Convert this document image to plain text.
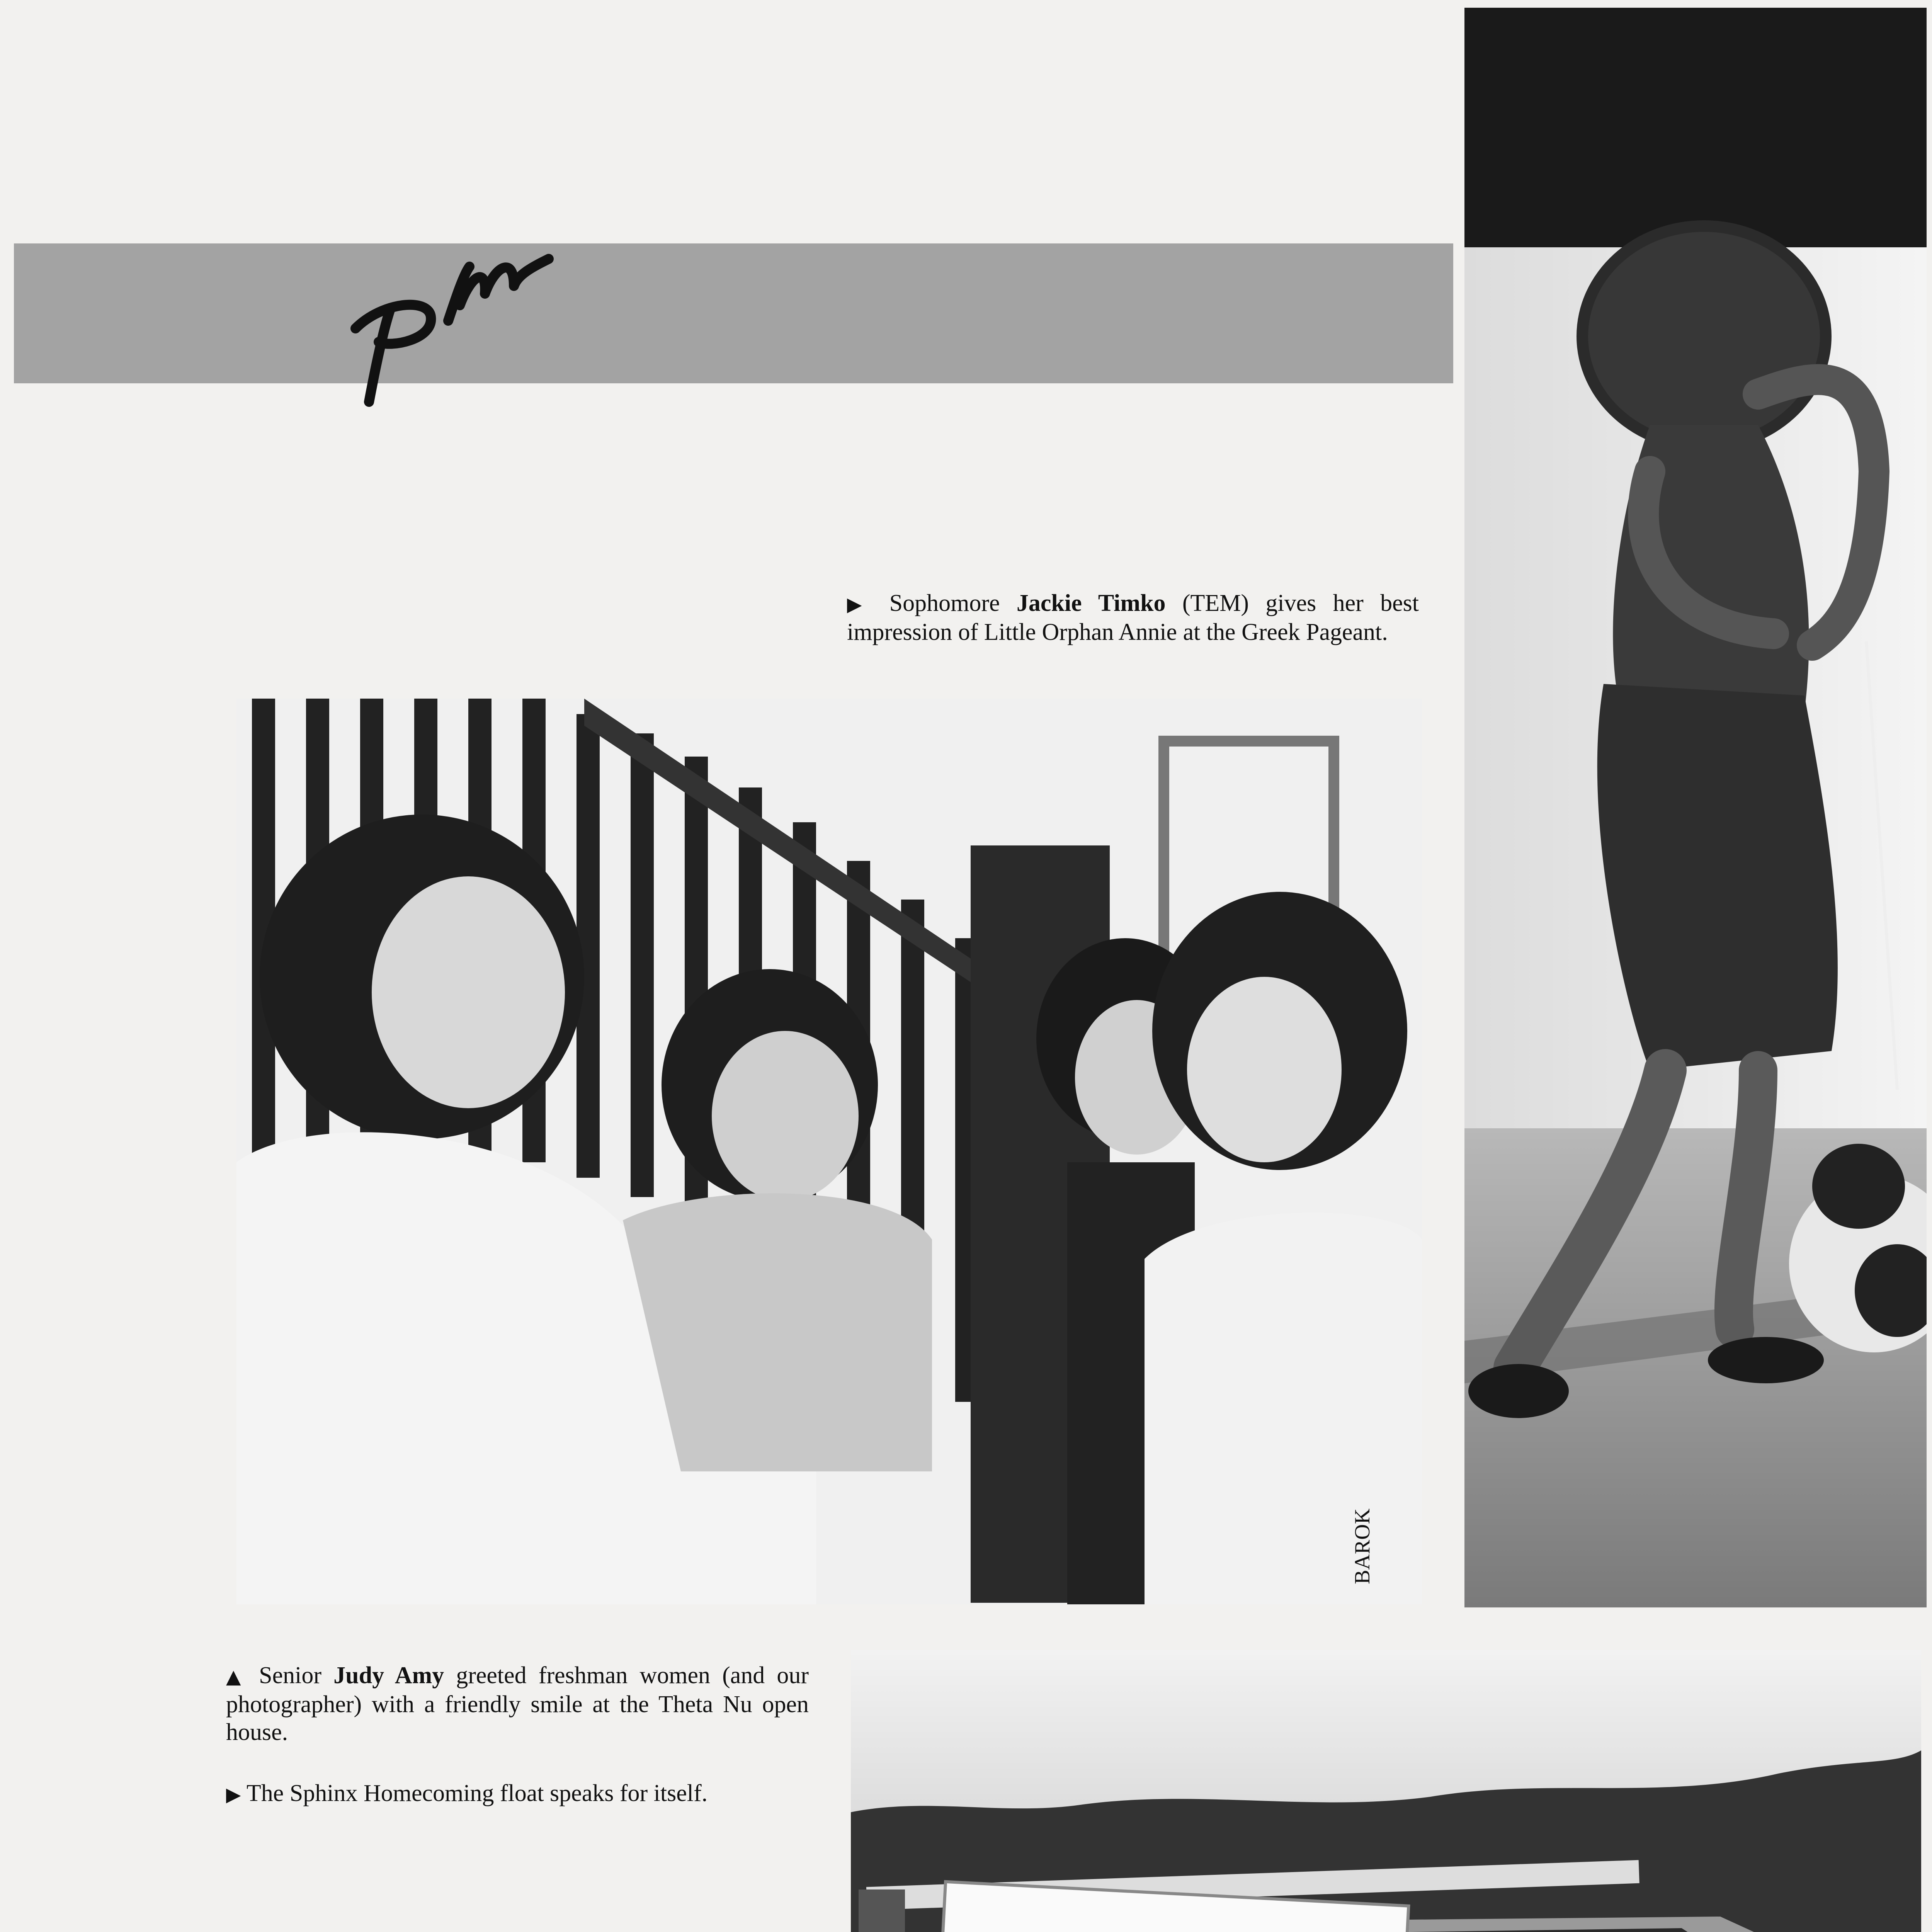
▶ Sophomore Jackie Timko (TEM) gives her best impression of Little Orphan Annie at the Greek Pageant.
BAROK
▲ Senior Judy Amy greeted freshman women (and our photographer) with a friendly smile at the Theta Nu open house.
▶ The Sphinx Homecoming float speaks for itself.
